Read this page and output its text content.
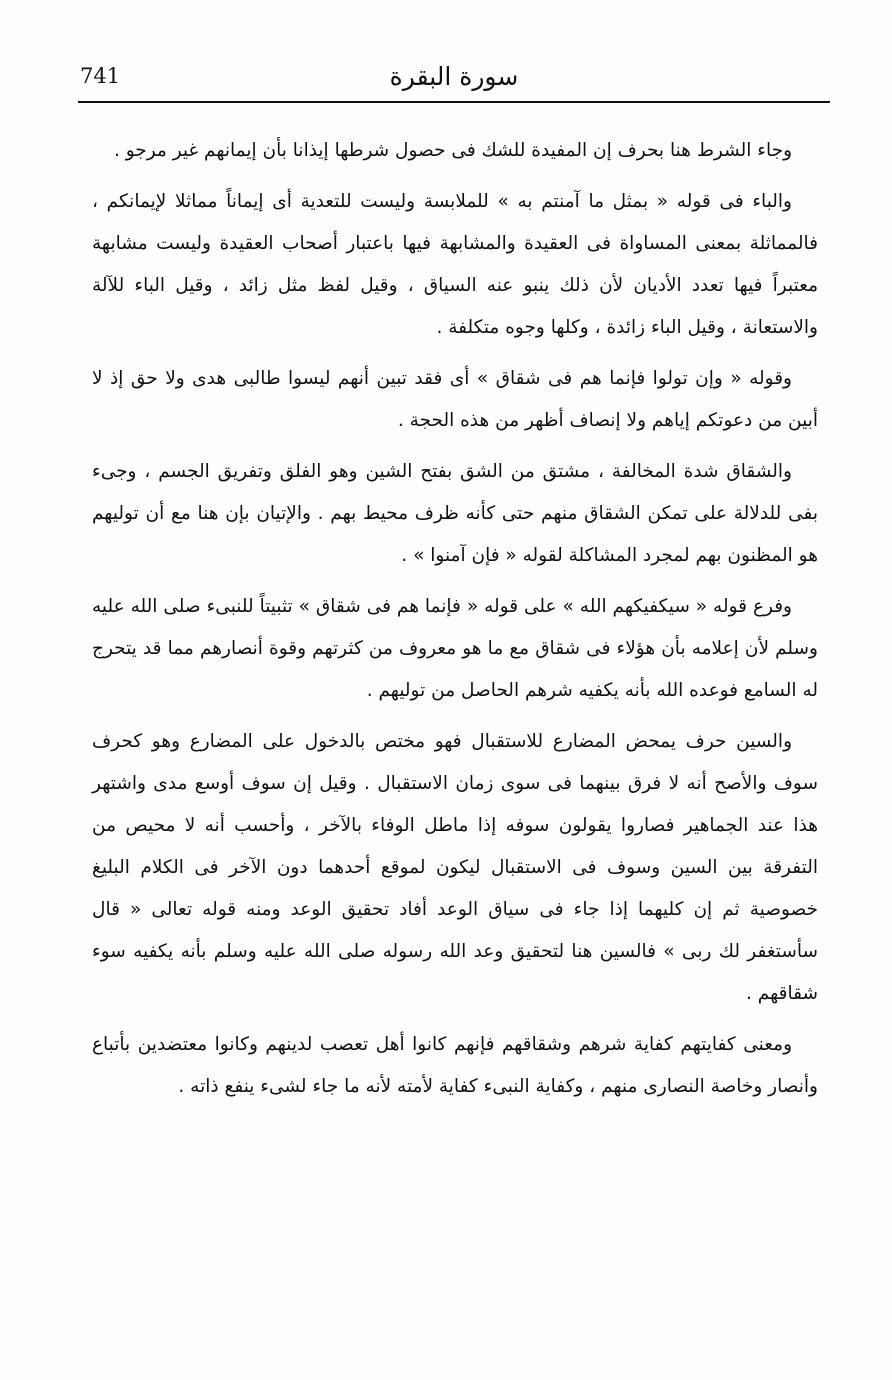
741	سورة البقرة

وجاء الشرط هنا بحرف إن المفيدة للشك فى حصول شرطها إيذانا بأن إيمانهم غير مرجو .

والباء فى قوله « بمثل ما آمنتم به » للملابسة وليست للتعدية أى إيماناً مماثلا لإيمانكم ، فالمماثلة بمعنى المساواة فى العقيدة والمشابهة فيها باعتبار أصحاب العقيدة وليست مشابهة معتبراً فيها تعدد الأديان لأن ذلك ينبو عنه السياق ، وقيل لفظ مثل زائد ، وقيل الباء للآلة والاستعانة ، وقيل الباء زائدة ، وكلها وجوه متكلفة .

وقوله « وإن تولوا فإنما هم فى شقاق » أى فقد تبين أنهم ليسوا طالبى هدى ولا حق إذ لا أبين من دعوتكم إياهم ولا إنصاف أظهر من هذه الحجة .

والشقاق شدة المخالفة ، مشتق من الشق بفتح الشين وهو الفلق وتفريق الجسم ، وجىء بفى للدلالة على تمكن الشقاق منهم حتى كأنه ظرف محيط بهم . والإتيان بإن هنا مع أن توليهم هو المظنون بهم لمجرد المشاكلة لقوله « فإن آمنوا » .

وفرع قوله « سيكفيكهم الله » على قوله « فإنما هم فى شقاق » تثبيتاً للنبىء صلى الله عليه وسلم لأن إعلامه بأن هؤلاء فى شقاق مع ما هو معروف من كثرتهم وقوة أنصارهم مما قد يتحرج له السامع فوعده الله بأنه يكفيه شرهم الحاصل من توليهم .

والسين حرف يمحض المضارع للاستقبال فهو مختص بالدخول على المضارع وهو كحرف سوف والأصح أنه لا فرق بينهما فى سوى زمان الاستقبال . وقيل إن سوف أوسع مدى واشتهر هذا عند الجماهير فصاروا يقولون سوفه إذا ماطل الوفاء بالآخر ، وأحسب أنه لا محيص من التفرقة بين السين وسوف فى الاستقبال ليكون لموقع أحدهما دون الآخر فى الكلام البليغ خصوصية ثم إن كليهما إذا جاء فى سياق الوعد أفاد تحقيق الوعد ومنه قوله تعالى « قال سأستغفر لك ربى » فالسين هنا لتحقيق وعد الله رسوله صلى الله عليه وسلم بأنه يكفيه سوء شقاقهم .

ومعنى كفايتهم كفاية شرهم وشقاقهم فإنهم كانوا أهل تعصب لدينهم وكانوا معتضدين بأتباع وأنصار وخاصة النصارى منهم ، وكفاية النبىء كفاية لأمته لأنه ما جاء لشىء ينفع ذاته .
